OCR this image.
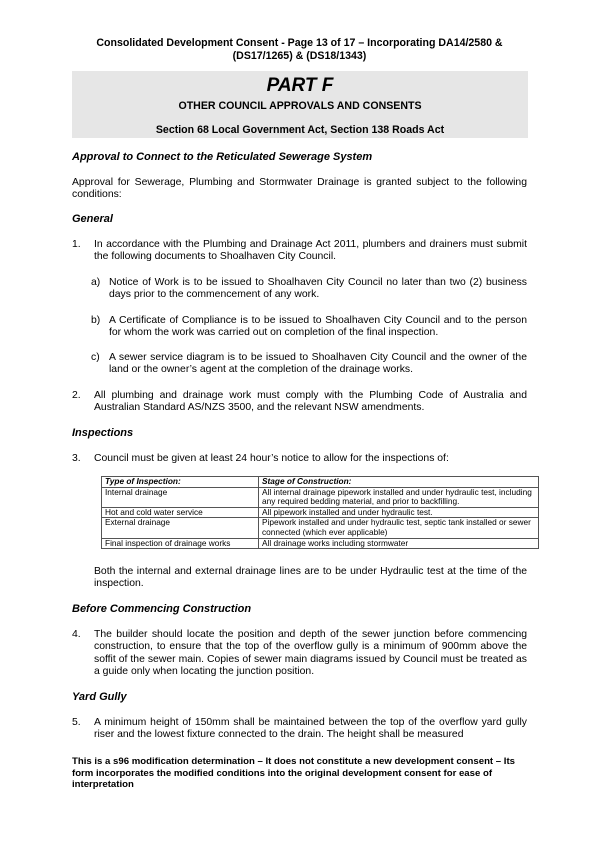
Consolidated Development Consent - Page 13 of 17 – Incorporating DA14/2580 &
(DS17/1265) & (DS18/1343)
PART F
OTHER COUNCIL APPROVALS AND CONSENTS
Section 68 Local Government Act, Section 138 Roads Act
Approval to Connect to the Reticulated Sewerage System
Approval for Sewerage, Plumbing and Stormwater Drainage is granted subject to the following conditions:
General
1. In accordance with the Plumbing and Drainage Act 2011, plumbers and drainers must submit the following documents to Shoalhaven City Council.
a) Notice of Work is to be issued to Shoalhaven City Council no later than two (2) business days prior to the commencement of any work.
b) A Certificate of Compliance is to be issued to Shoalhaven City Council and to the person for whom the work was carried out on completion of the final inspection.
c) A sewer service diagram is to be issued to Shoalhaven City Council and the owner of the land or the owner’s agent at the completion of the drainage works.
2. All plumbing and drainage work must comply with the Plumbing Code of Australia and Australian Standard AS/NZS 3500, and the relevant NSW amendments.
Inspections
3. Council must be given at least 24 hour’s notice to allow for the inspections of:
Type of Inspection:	Stage of Construction:
Internal drainage	All internal drainage pipework installed and under hydraulic test, including any required bedding material, and prior to backfilling.
Hot and cold water service	All pipework installed and under hydraulic test.
External drainage	Pipework installed and under hydraulic test, septic tank installed or sewer connected (which ever applicable)
Final inspection of drainage works	All drainage works including stormwater
Both the internal and external drainage lines are to be under Hydraulic test at the time of the inspection.
Before Commencing Construction
4. The builder should locate the position and depth of the sewer junction before commencing construction, to ensure that the top of the overflow gully is a minimum of 900mm above the soffit of the sewer main. Copies of sewer main diagrams issued by Council must be treated as a guide only when locating the junction position.
Yard Gully
5. A minimum height of 150mm shall be maintained between the top of the overflow yard gully riser and the lowest fixture connected to the drain. The height shall be measured
This is a s96 modification determination – It does not constitute a new development consent – Its form incorporates the modified conditions into the original development consent for ease of interpretation
